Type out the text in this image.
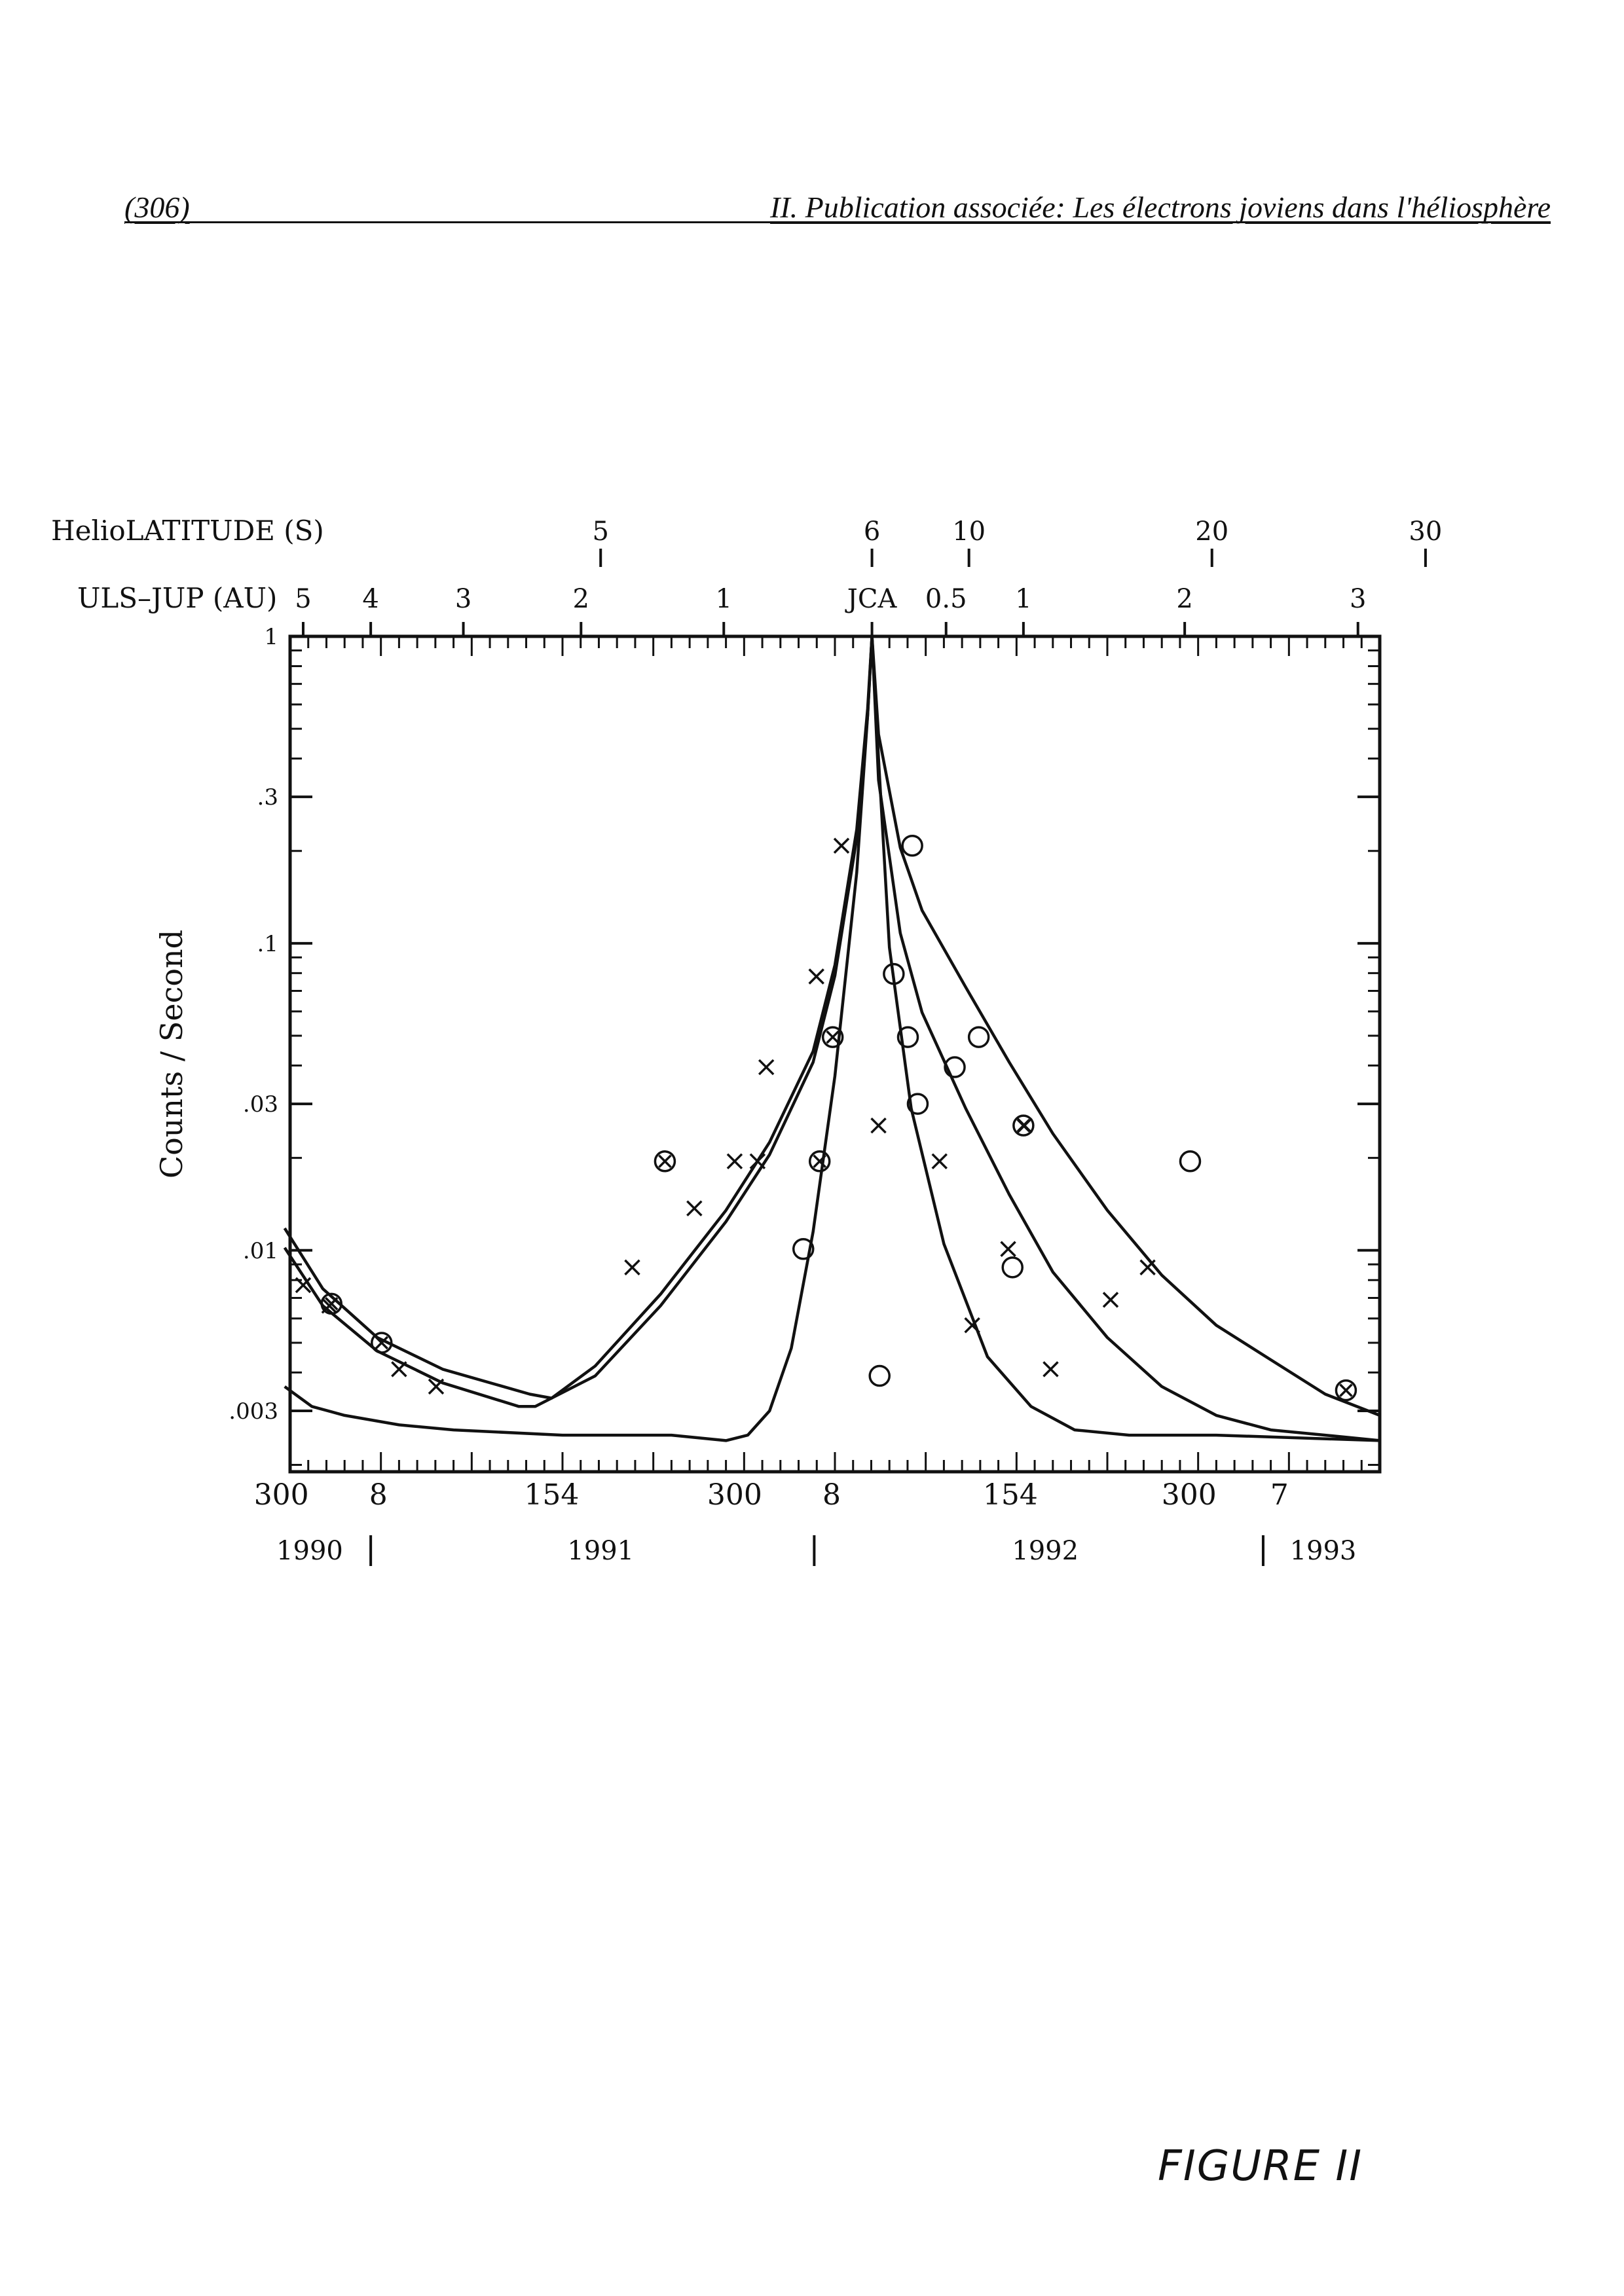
(306)	II. Publication associée: Les électrons joviens dans l'héliosphère
1
.3
.1
.03
.01
.003
5	6	10	20	30
5 4	3	2	1	JCA 0.5 1	2	3
300 8	154	300 8	154	300 7
1990	1991	1992	1993
Counts / Second
HelioLATITUDE (S)
ULS–JUP (AU)
FIGURE II
